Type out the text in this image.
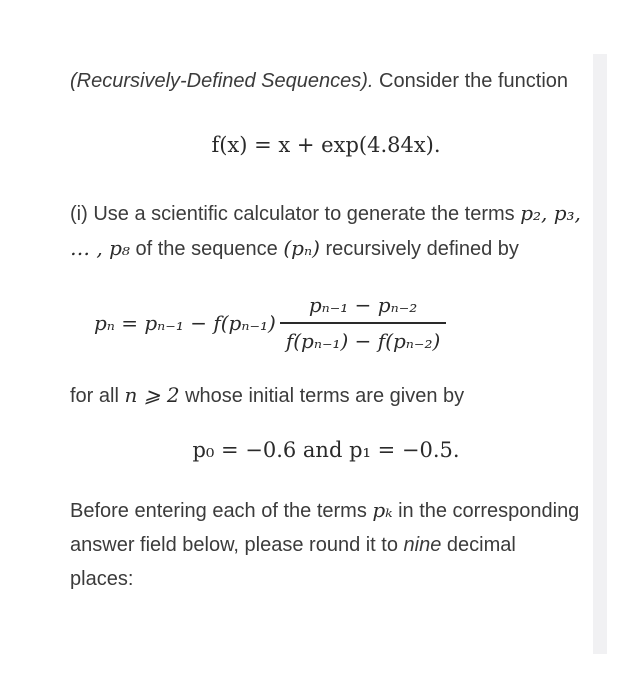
(Recursively-Defined Sequences). Consider the function

f(x) = x + exp(4.84x).

(i) Use a scientific calculator to generate the terms p₂, p₃, … , p₈ of the sequence (pₙ) recursively defined by

$p_n = p_{n-1} - f(p_{n-1}) \frac{\text{pₙ₋₁ − pₙ₋₂}}{\text{f(pₙ₋₁) − f(pₙ₋₂)}}$

for all n ⩾ 2 whose initial terms are given by

p₀ = −0.6 and p₁ = −0.5.

Before entering each of the terms pₖ in the corresponding answer field below, please round it to nine decimal places:
